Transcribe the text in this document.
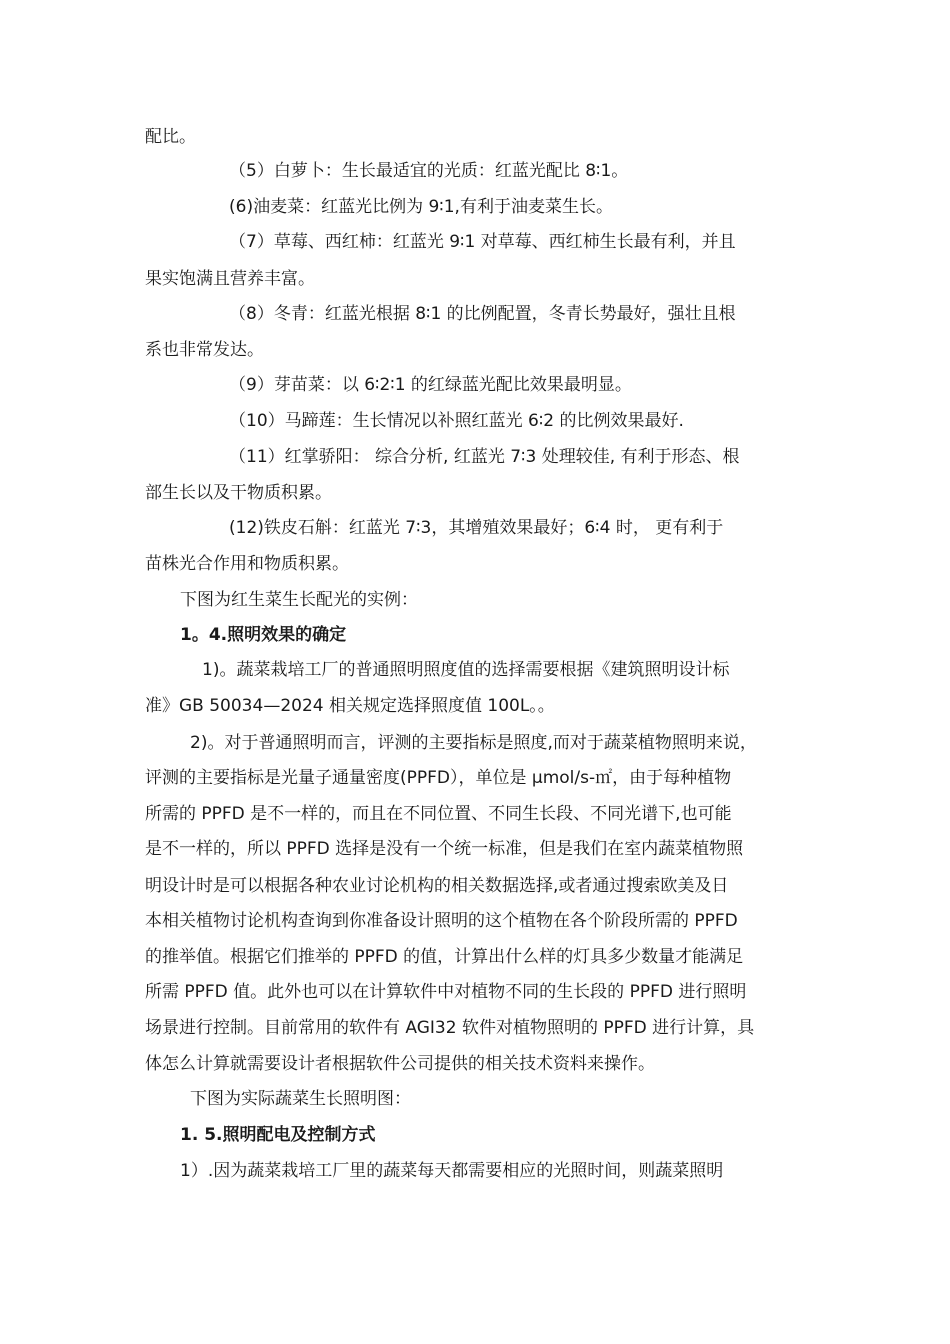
配比。
（5）白萝卜：生长最适宜的光质：红蓝光配比 8∶1。
(6)油麦菜：红蓝光比例为 9∶1,有利于油麦菜生长。
（7）草莓、西红柿：红蓝光 9∶1 对草莓、西红柿生长最有利，并且
果实饱满且营养丰富。
（8）冬青：红蓝光根据 8∶1 的比例配置，冬青长势最好，强壮且根
系也非常发达。
（9）芽苗菜：以 6∶2∶1 的红绿蓝光配比效果最明显。
（10）马蹄莲：生长情况以补照红蓝光 6∶2 的比例效果最好.
（11）红掌骄阳： 综合分析, 红蓝光 7∶3 处理较佳, 有利于形态、根
部生长以及干物质积累。
(12)铁皮石斛：红蓝光 7∶3，其增殖效果最好；6∶4 时， 更有利于
苗株光合作用和物质积累。
下图为红生菜生长配光的实例：
1。4.照明效果的确定
1)。蔬菜栽培工厂的普通照明照度值的选择需要根据《建筑照明设计标
准》GB 50034—2024 相关规定选择照度值 100L。。
2)。对于普通照明而言，评测的主要指标是照度,而对于蔬菜植物照明来说，
评测的主要指标是光量子通量密度(PPFD），单位是 μmol/s-㎡，由于每种植物
所需的 PPFD 是不一样的，而且在不同位置、不同生长段、不同光谱下,也可能
是不一样的，所以 PPFD 选择是没有一个统一标准，但是我们在室内蔬菜植物照
明设计时是可以根据各种农业讨论机构的相关数据选择,或者通过搜索欧美及日
本相关植物讨论机构查询到你准备设计照明的这个植物在各个阶段所需的 PPFD
的推举值。根据它们推举的 PPFD 的值，计算出什么样的灯具多少数量才能满足
所需 PPFD 值。此外也可以在计算软件中对植物不同的生长段的 PPFD 进行照明
场景进行控制。目前常用的软件有 AGI32 软件对植物照明的 PPFD 进行计算，具
体怎么计算就需要设计者根据软件公司提供的相关技术资料来操作。
下图为实际蔬菜生长照明图：
1. 5.照明配电及控制方式
1）.因为蔬菜栽培工厂里的蔬菜每天都需要相应的光照时间，则蔬菜照明
